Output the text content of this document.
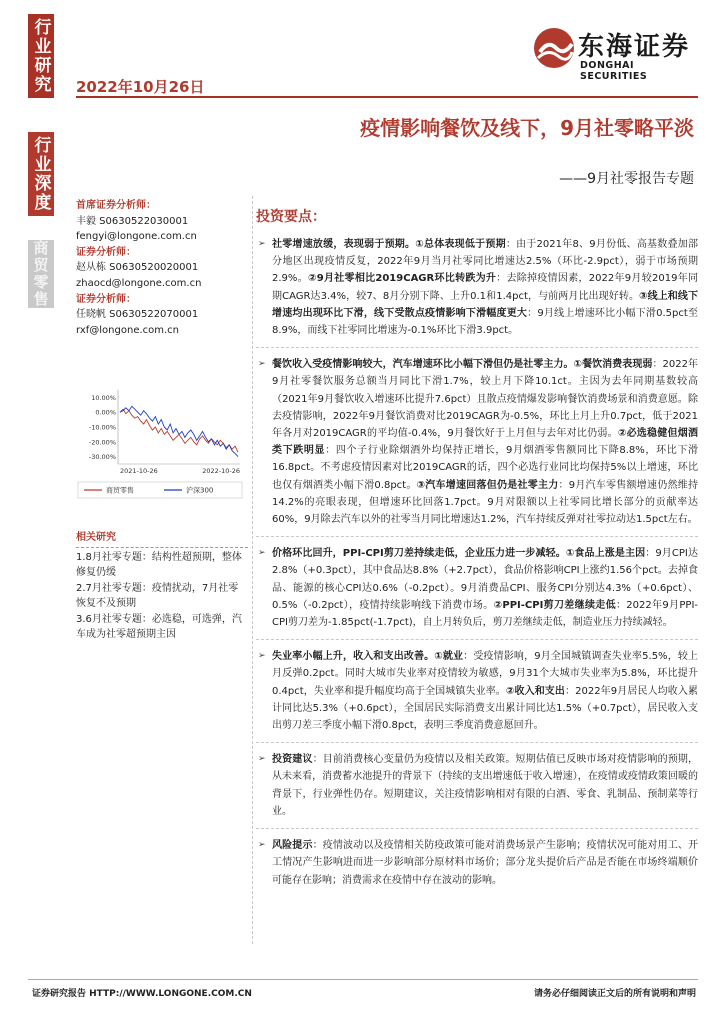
行业研究
行业深度
商贸零售
2022年10月26日
东海证券
DONGHAI SECURITIES
疫情影响餐饮及线下，9月社零略平淡
——9月社零报告专题
首席证券分析师：
丰毅 S0630522030001
fengyi@longone.com.cn
证券分析师：
赵从栋 S0630520020001
zhaocd@longone.com.cn
证券分析师：
任晓帆 S0630522070001
rxf@longone.com.cn
10.00%
0.00%
-10.00%
-20.00%
-30.00%
2021-10-26	2022-10-26
商贸零售	沪深300
相关研究
1.8月社零专题：结构性超预期，整体修复仍缓
2.7月社零专题：疫情扰动，7月社零恢复不及预期
3.6月社零专题：必选稳，可选弹，汽车成为社零超预期主因
投资要点：
➢ 社零增速放缓，表现弱于预期。①总体表现低于预期：由于2021年8、9月份低、高基数叠加部分地区出现疫情反复，2022年9月当月社零同比增速达2.5%（环比-2.9pct），弱于市场预期2.9%。②9月社零相比2019CAGR环比转跌为升：去除掉疫情因素，2022年9月较2019年同期CAGR达3.4%，较7、8月分别下降、上升0.1和1.4pct，与前两月比出现好转。③线上和线下增速均出现环比下滑，线下受散点疫情影响下滑幅度更大：9月线上增速环比小幅下滑0.5pct至8.9%，而线下社零同比增速为-0.1%环比下滑3.9pct。
➢ 餐饮收入受疫情影响较大，汽车增速环比小幅下滑但仍是社零主力。①餐饮消费表现弱：2022年9月社零餐饮服务总额当月同比下滑1.7%，较上月下降10.1ct。主因为去年同期基数较高（2021年9月餐饮收入增速环比提升7.6pct）且散点疫情爆发影响餐饮消费场景和消费意愿。除去疫情影响，2022年9月餐饮消费对比2019CAGR为-0.5%，环比上月上升0.7pct，低于2021年各月对2019CAGR的平均值-0.4%，9月餐饮好于上月但与去年对比仍弱。②必选稳健但烟酒类下跌明显：四个子行业除烟酒外均保持正增长，9月烟酒零售额同比下降8.8%，环比下滑16.8pct。不考虑疫情因素对比2019CAGR的话，四个必选行业同比均保持5%以上增速，环比也仅有烟酒类小幅下滑0.8pct。③汽车增速回落但仍是社零主力：9月汽车零售额增速仍然维持14.2%的亮眼表现，但增速环比回落1.7pct。9月对限额以上社零同比增长部分的贡献率达60%，9月除去汽车以外的社零当月同比增速达1.2%，汽车持续反弹对社零拉动达1.5pct左右。
➢ 价格环比回升，PPI-CPI剪刀差持续走低，企业压力进一步减轻。①食品上涨是主因：9月CPI达2.8%（+0.3pct），其中食品达8.8%（+2.7pct），食品价格影响CPI上涨约1.56个pct。去掉食品、能源的核心CPI达0.6%（-0.2pct）。9月消费品CPI、服务CPI分别达4.3%（+0.6pct）、0.5%（-0.2pct），疫情持续影响线下消费市场。②PPI-CPI剪刀差继续走低：2022年9月PPI-CPI剪刀差为-1.85pct(-1.7pct)，自上月转负后，剪刀差继续走低，制造业压力持续减轻。
➢ 失业率小幅上升，收入和支出改善。①就业：受疫情影响，9月全国城镇调查失业率5.5%，较上月反弹0.2pct。同时大城市失业率对疫情较为敏感，9月31个大城市失业率为5.8%，环比提升0.4pct，失业率和提升幅度均高于全国城镇失业率。②收入和支出：2022年9月居民人均收入累计同比达5.3%（+0.6pct），全国居民实际消费支出累计同比达1.5%（+0.7pct），居民收入支出剪刀差三季度小幅下滑0.8pct，表明三季度消费意愿回升。
➢ 投资建议：目前消费核心变量仍为疫情以及相关政策。短期估值已反映市场对疫情影响的预期，从未来看，消费蓄水池提升的背景下（持续的支出增速低于收入增速），在疫情或疫情政策回暖的背景下，行业弹性仍存。短期建议，关注疫情影响相对有限的白酒、零食、乳制品、预制菜等行业。
➢ 风险提示：疫情波动以及疫情相关防疫政策可能对消费场景产生影响；疫情状况可能对用工、开工情况产生影响进而进一步影响部分原材料市场价；部分龙头提价后产品是否能在市场终端顺价可能存在影响；消费需求在疫情中存在波动的影响。
证券研究报告 HTTP://WWW.LONGONE.COM.CN	请务必仔细阅读正文后的所有说明和声明
